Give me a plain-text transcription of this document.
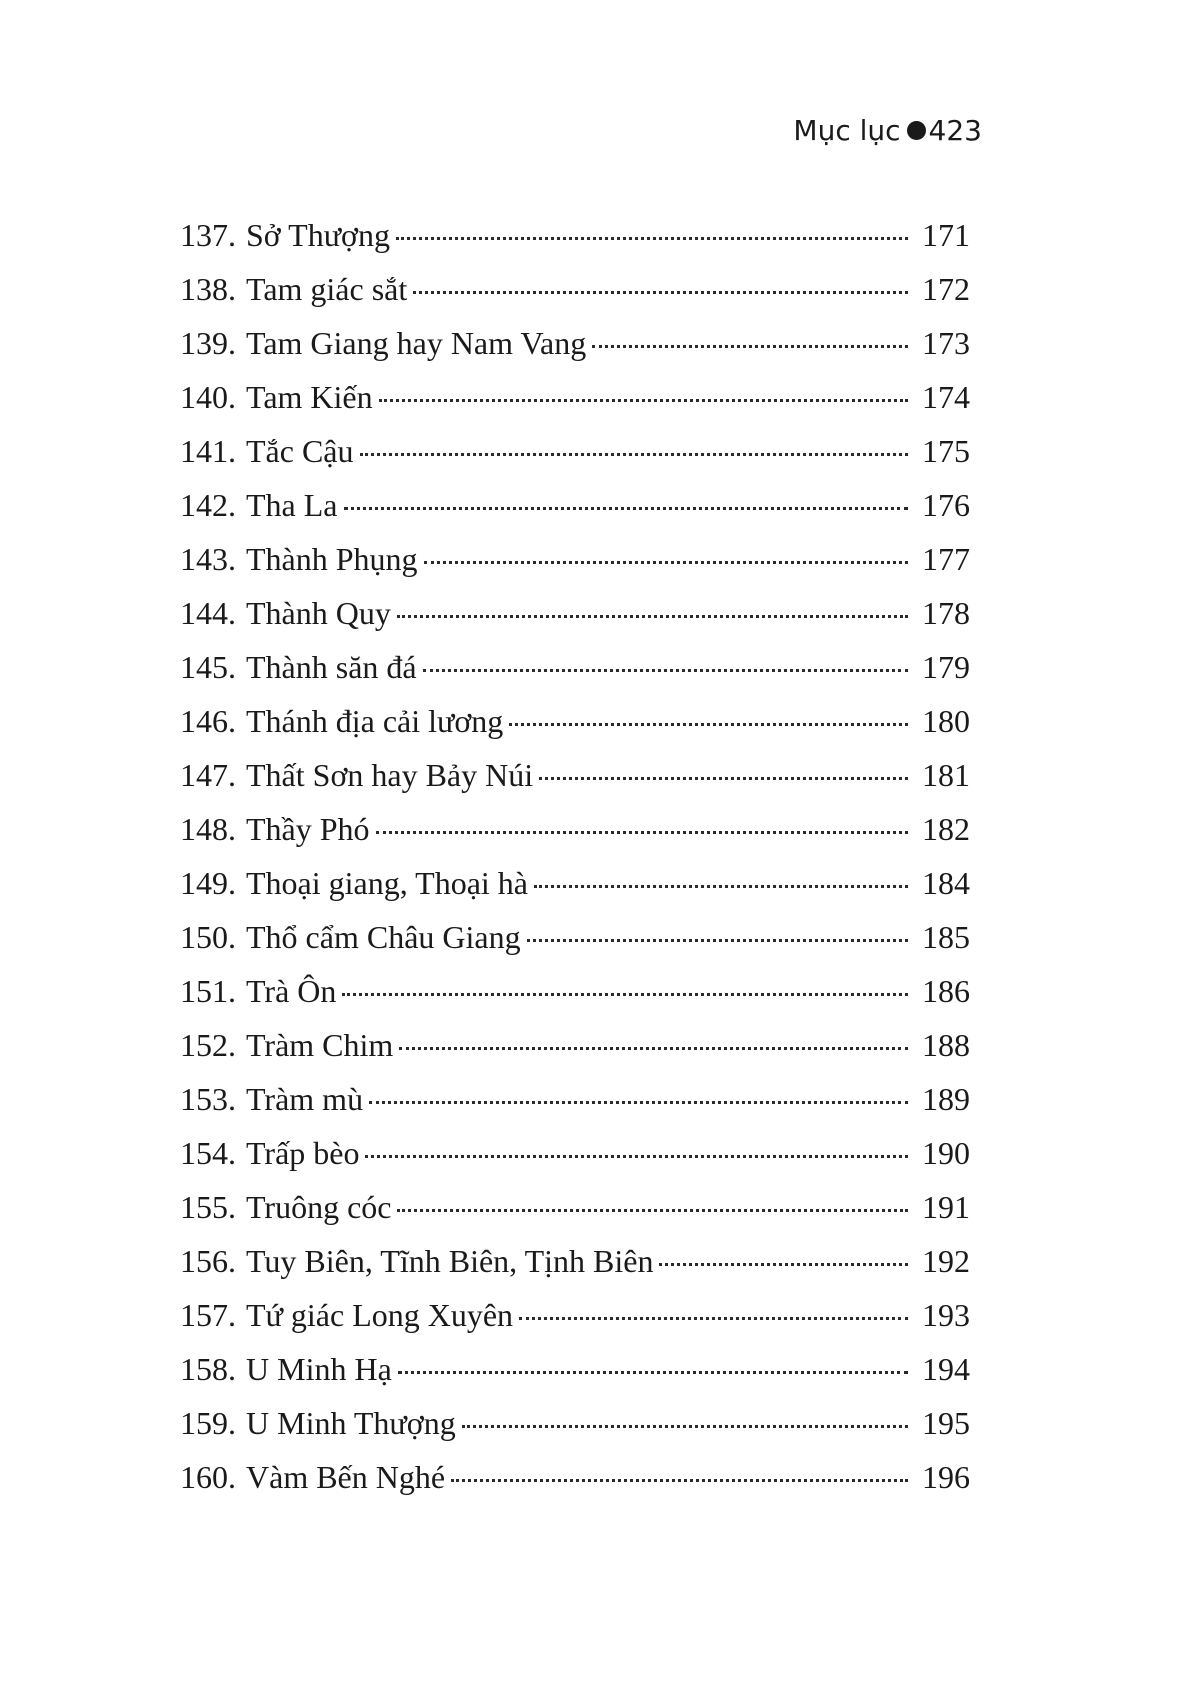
Mục lục 423
137. Sở Thượng	171
138. Tam giác sắt	172
139. Tam Giang hay Nam Vang	173
140. Tam Kiến	174
141. Tắc Cậu	175
142. Tha La	176
143. Thành Phụng	177
144. Thành Quy	178
145. Thành săn đá	179
146. Thánh địa cải lương	180
147. Thất Sơn hay Bảy Núi	181
148. Thầy Phó	182
149. Thoại giang, Thoại hà	184
150. Thổ cẩm Châu Giang	185
151. Trà Ôn	186
152. Tràm Chim	188
153. Tràm mù	189
154. Trấp bèo	190
155. Truông cóc	191
156. Tuy Biên, Tĩnh Biên, Tịnh Biên	192
157. Tứ giác Long Xuyên	193
158. U Minh Hạ	194
159. U Minh Thượng	195
160. Vàm Bến Nghé	196
